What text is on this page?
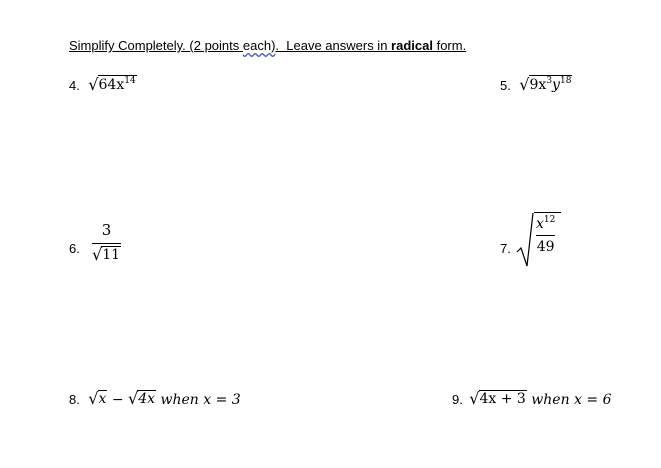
Simplify Completely. (2 points each).  Leave answers in radical form.
4. √ $64x^{14}$	5. √ $9x^3y^{18}$
6. $\frac{3}{√ 11}$	7. $\frac{x^{12}}{49}$
8. √ x − √ 4x when x = 3	9. √ 4x + 3 when x = 6
